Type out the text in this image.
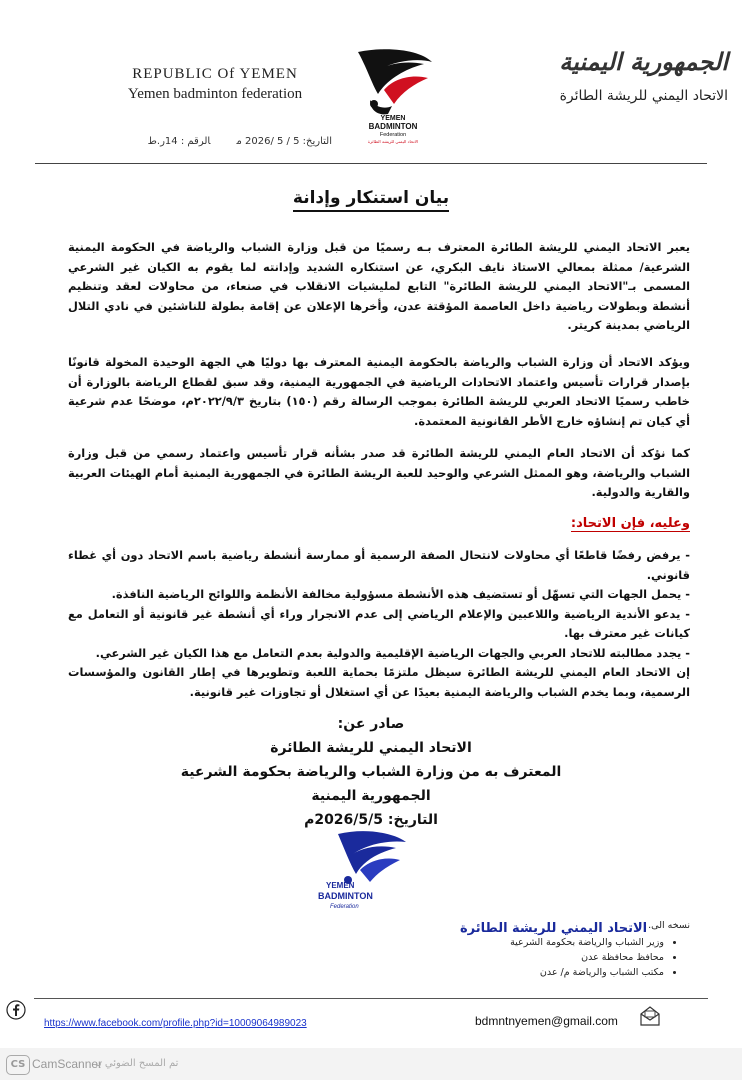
REPUBLIC Of YEMEN
Yemen badminton federation
YEMEN
BADMINTON
Federation
الاتحاد اليمني للريشة الطائرة
الجمهورية اليمنية
الاتحاد اليمني للريشة الطائرة
التاريخ: 5 / 5 /2026 مالرقم : 14ر.ط
بيان استنكار وإدانة
يعبر الاتحاد اليمني للريشة الطائرة المعترف بـه رسميًا من قبل وزارة الشباب والرياضة في الحكومة اليمنية الشرعية/ ممثلة بمعالي الاستاذ نايف البكري، عن استنكاره الشديد وإدانته لما يقوم به الكيان غير الشرعي المسمى بـ"الاتحاد اليمني للريشة الطائرة" التابع لمليشيات الانقلاب في صنعاء، من محاولات لعقد وتنظيم أنشطة وبطولات رياضية داخل العاصمة المؤقتة عدن، وأخرها الإعلان عن إقامة بطولة للناشئين في نادي التلال الرياضي بمدينة كريتر.
ويؤكد الاتحاد أن وزارة الشباب والرياضة بالحكومة اليمنية المعترف بها دوليًا هي الجهة الوحيدة المخولة قانونًا بإصدار قرارات تأسيس واعتماد الاتحادات الرياضية في الجمهورية اليمنية، وقد سبق لقطاع الرياضة بالوزارة أن خاطب رسميًا الاتحاد العربي للريشة الطائرة بموجب الرسالة رقم (١٥٠) بتاريخ ٢٠٢٢/٩/٣م، موضحًا عدم شرعية أي كيان تم إنشاؤه خارج الأطر القانونية المعتمدة.
كما نؤكد أن الاتحاد العام اليمني للريشة الطائرة قد صدر بشأنه قرار تأسيس واعتماد رسمي من قبل وزارة الشباب والرياضة، وهو الممثل الشرعي والوحيد للعبة الريشة الطائرة في الجمهورية اليمنية أمام الهيئات العربية والقارية والدولية.
وعليه، فإن الاتحاد:

- يرفض رفضًا قاطعًا أي محاولات لانتحال الصفة الرسمية أو ممارسة أنشطة رياضية باسم الاتحاد دون أي غطاء قانوني.

- يحمل الجهات التي تسهّل أو تستضيف هذه الأنشطة مسؤولية مخالفة الأنظمة واللوائح الرياضية النافذة.

- يدعو الأندية الرياضية واللاعبين والإعلام الرياضي إلى عدم الانجرار وراء أي أنشطة غير قانونية أو التعامل مع كيانات غير معترف بها.

- يجدد مطالبته للاتحاد العربي والجهات الرياضية الإقليمية والدولية بعدم التعامل مع هذا الكيان غير الشرعي.

إن الاتحاد العام اليمني للريشة الطائرة سيظل ملتزمًا بحماية اللعبة وتطويرها في إطار القانون والمؤسسات الرسمية، وبما يخدم الشباب والرياضة اليمنية بعيدًا عن أي استغلال أو تجاوزات غير قانونية.

صادر عن:
الاتحاد اليمني للريشة الطائرة
المعترف به من وزارة الشباب والرياضة بحكومة الشرعية
الجمهورية اليمنية
التاريخ: 2026/5/5م
YEMEN
BADMINTON
Federation
الاتحاد اليمني للريشة الطائرة نسخه الى.
• وزير الشباب والرياضة بحكومة الشرعية
• محافظ محافظة عدن
• مكتب الشباب والرياضة م/ عدن
https://www.facebook.com/profile.php?id=10009064989023	bdmntnyemen@gmail.com
CS CamScanner
تم المسح الضوئي بـ
